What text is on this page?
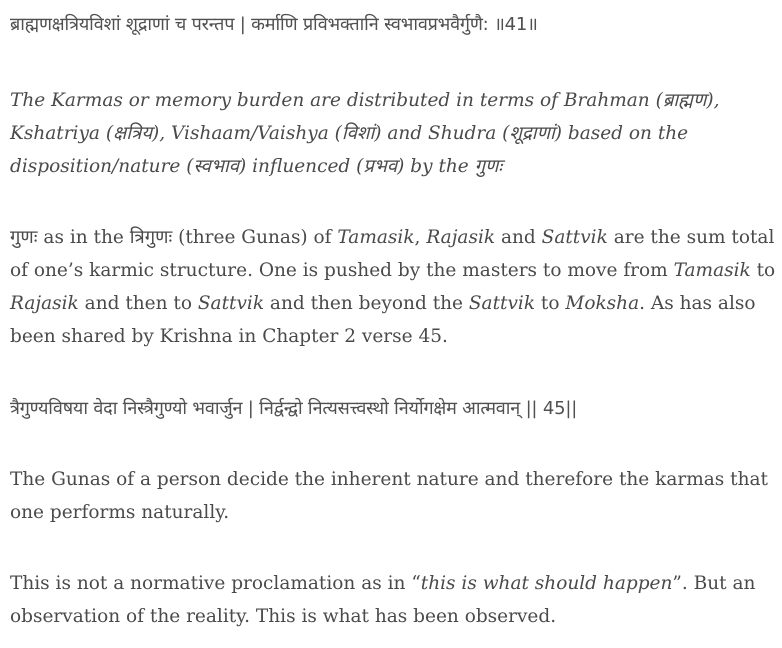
ब्राह्मणक्षत्रियविशां शूद्राणां च परन्तप | कर्माणि प्रविभक्तानि स्वभावप्रभवैर्गुणै: ॥41॥

The Karmas or memory burden are distributed in terms of Brahman (ब्राह्मण), Kshatriya (क्षत्रिय), Vishaam/Vaishya (विशां) and Shudra (शूद्राणां) based on the disposition/nature (स्वभाव) influenced (प्रभव) by the गुणः

गुणः as in the त्रिगुणः (three Gunas) of Tamasik, Rajasik and Sattvik are the sum total of one’s karmic structure. One is pushed by the masters to move from Tamasik to Rajasik and then to Sattvik and then beyond the Sattvik to Moksha. As has also been shared by Krishna in Chapter 2 verse 45.

त्रैगुण्यविषया वेदा निस्त्रैगुण्यो भवार्जुन | निर्द्वन्द्वो नित्यसत्त्वस्थो निर्योगक्षेम आत्मवान् || 45||

The Gunas of a person decide the inherent nature and therefore the karmas that one performs naturally.

This is not a normative proclamation as in “this is what should happen”. But an observation of the reality. This is what has been observed.
